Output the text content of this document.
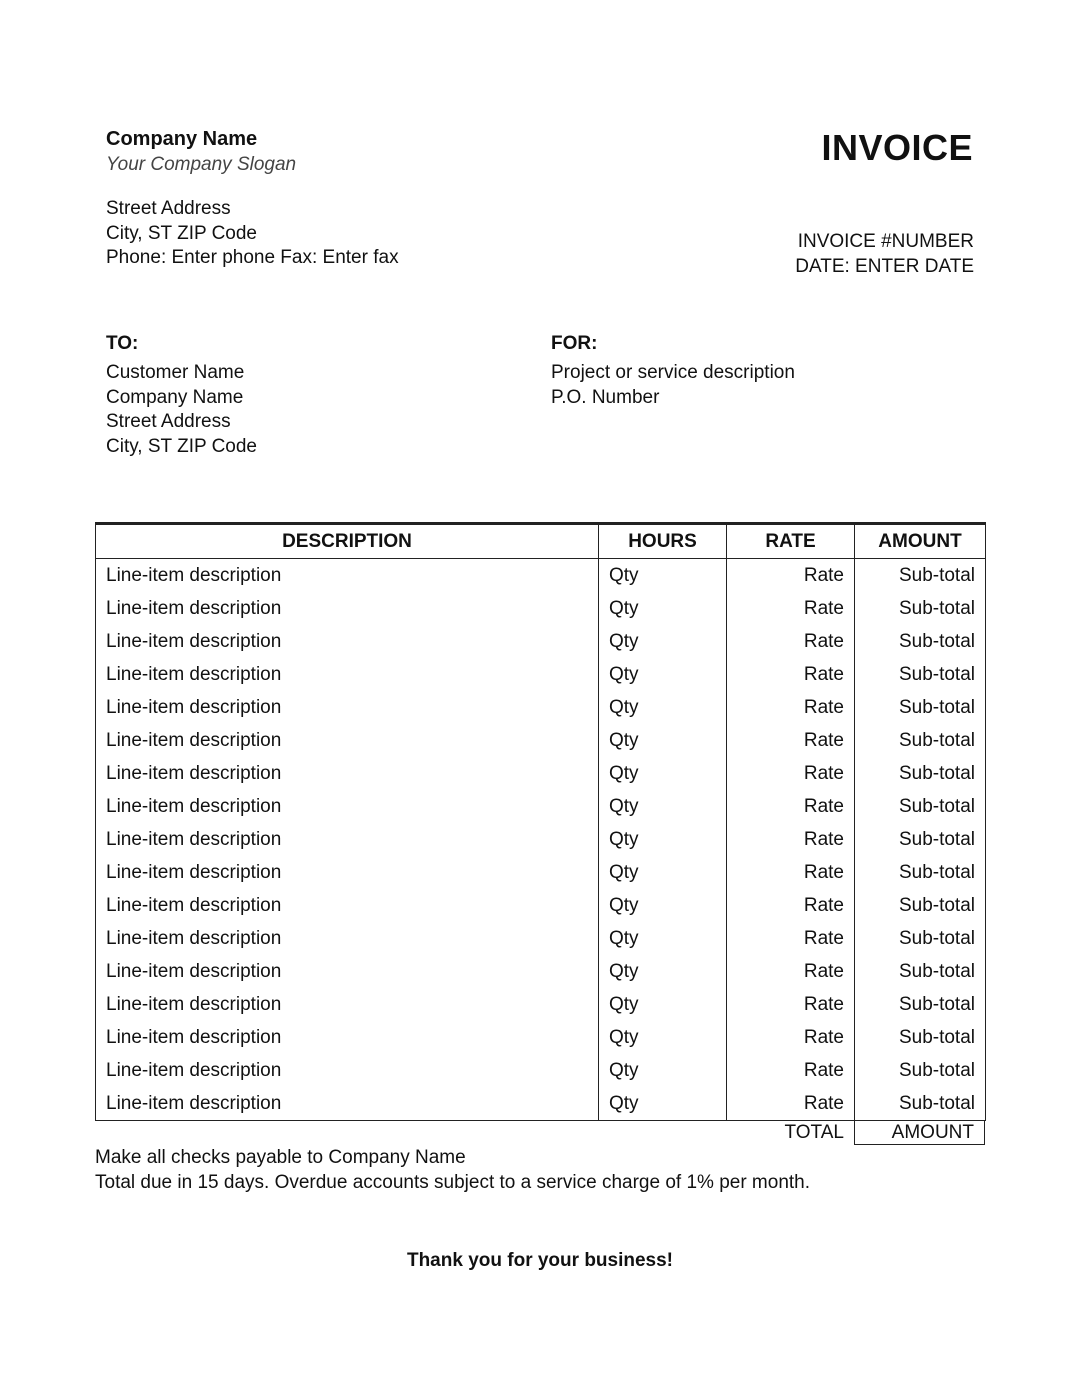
Company Name
Your Company Slogan
Street Address
City, ST ZIP Code
Phone: Enter phone Fax: Enter fax
INVOICE
INVOICE #NUMBER
DATE: ENTER DATE
TO:
Customer Name
Company Name
Street Address
City, ST ZIP Code
FOR:
Project or service description
P.O. Number
DESCRIPTION	HOURS	RATE	AMOUNT
Line-item description	Qty	Rate	Sub-total
Line-item description	Qty	Rate	Sub-total
Line-item description	Qty	Rate	Sub-total
Line-item description	Qty	Rate	Sub-total
Line-item description	Qty	Rate	Sub-total
Line-item description	Qty	Rate	Sub-total
Line-item description	Qty	Rate	Sub-total
Line-item description	Qty	Rate	Sub-total
Line-item description	Qty	Rate	Sub-total
Line-item description	Qty	Rate	Sub-total
Line-item description	Qty	Rate	Sub-total
Line-item description	Qty	Rate	Sub-total
Line-item description	Qty	Rate	Sub-total
Line-item description	Qty	Rate	Sub-total
Line-item description	Qty	Rate	Sub-total
Line-item description	Qty	Rate	Sub-total
Line-item description	Qty	Rate	Sub-total
TOTAL	AMOUNT
Make all checks payable to Company Name
Total due in 15 days. Overdue accounts subject to a service charge of 1% per month.
Thank you for your business!
